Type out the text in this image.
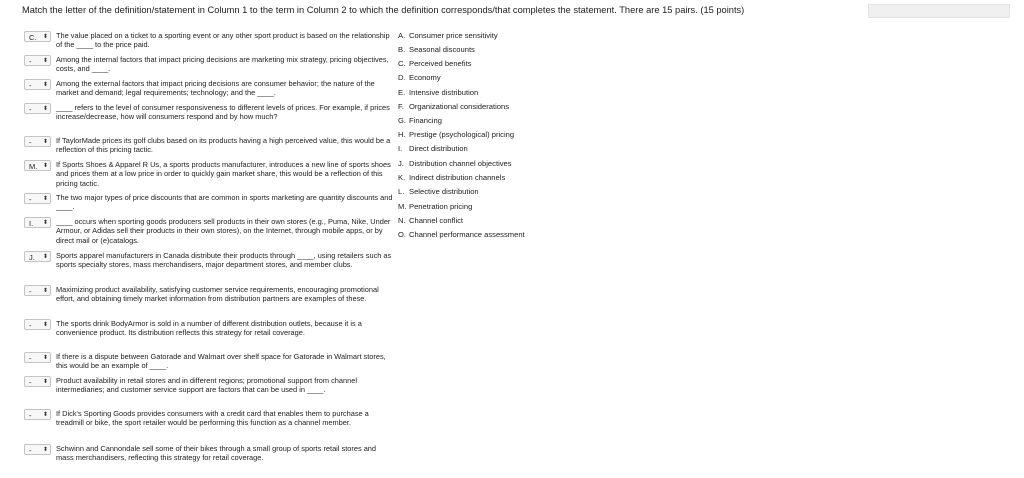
Match the letter of the definition/statement in Column 1 to the term in Column 2 to which the definition corresponds/that completes the statement. There are 15 pairs. (15 points)
C. ⬍ The value placed on a ticket to a sporting event or any other sport product is based on the relationship of the ____ to the price paid.
- ⬍ Among the internal factors that impact pricing decisions are marketing mix strategy, pricing objectives, costs, and ____.
- ⬍ Among the external factors that impact pricing decisions are consumer behavior; the nature of the market and demand; legal requirements; technology; and the ____.
- ⬍ ____ refers to the level of consumer responsiveness to different levels of prices. For example, if prices increase/decrease, how will consumers respond and by how much?
- ⬍ If TaylorMade prices its golf clubs based on its products having a high perceived value, this would be a reflection of this pricing tactic.
M. ⬍ If Sports Shoes & Apparel R Us, a sports products manufacturer, introduces a new line of sports shoes and prices them at a low price in order to quickly gain market share, this would be a reflection of this pricing tactic.
- ⬍ The two major types of price discounts that are common in sports marketing are quantity discounts and ____.
I. ⬍ ____ occurs when sporting goods producers sell products in their own stores (e.g., Puma, Nike, Under Armour, or Adidas sell their products in their own stores), on the Internet, through mobile apps, or by direct mail or (e)catalogs.
J. ⬍ Sports apparel manufacturers in Canada distribute their products through ____, using retailers such as sports specialty stores, mass merchandisers, major department stores, and member clubs.
- ⬍ Maximizing product availability, satisfying customer service requirements, encouraging promotional effort, and obtaining timely market information from distribution partners are examples of these.
- ⬍ The sports drink BodyArmor is sold in a number of different distribution outlets, because it is a convenience product. Its distribution reflects this strategy for retail coverage.
- ⬍ If there is a dispute between Gatorade and Walmart over shelf space for Gatorade in Walmart stores, this would be an example of ____.
- ⬍ Product availability in retail stores and in different regions; promotional support from channel intermediaries; and customer service support are factors that can be used in ____.
- ⬍ If Dick's Sporting Goods provides consumers with a credit card that enables them to purchase a treadmill or bike, the sport retailer would be performing this function as a channel member.
- ⬍ Schwinn and Cannondale sell some of their bikes through a small group of sports retail stores and mass merchandisers, reflecting this strategy for retail coverage.
A. Consumer price sensitivity
B. Seasonal discounts
C. Perceived benefits
D. Economy
E. Intensive distribution
F. Organizational considerations
G. Financing
H. Prestige (psychological) pricing
I. Direct distribution
J. Distribution channel objectives
K. Indirect distribution channels
L. Selective distribution
M. Penetration pricing
N. Channel conflict
O. Channel performance assessment
